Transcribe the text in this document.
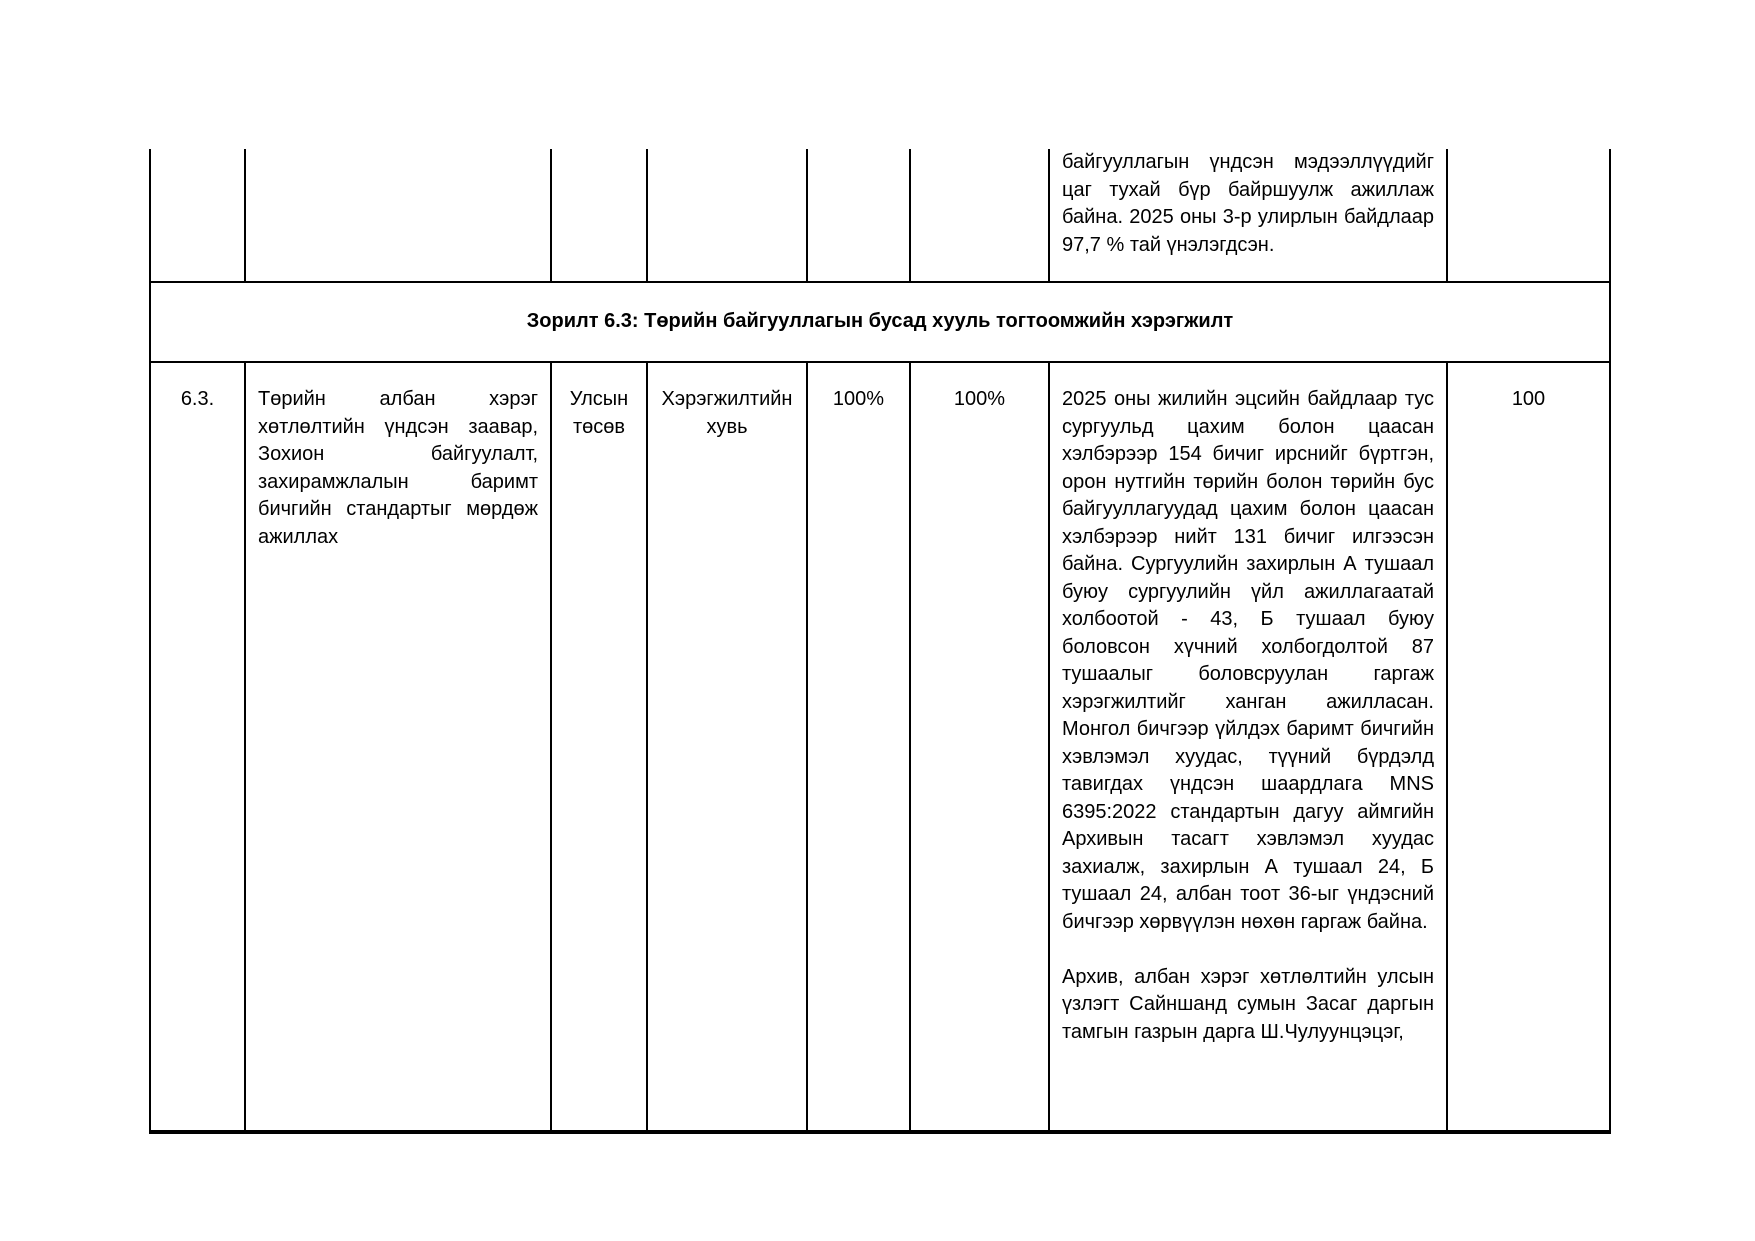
						байгууллагын үндсэн мэдээллүүдийг цаг тухай бүр байршуулж ажиллаж байна. 2025 оны 3-р улирлын байдлаар 97,7 % тай үнэлэгдсэн.	

Зорилт 6.3: Төрийн байгууллагын бусад хууль тогтоомжийн хэрэгжилт							

6.3.	Төрийн албан хэрэг хөтлөлтийн үндсэн заавар, Зохион байгуулалт, захирамжлалын баримт бичгийн стандартыг мөрдөж ажиллах	Улсын төсөв	Хэрэгжилтийн хувь	100%	100%	2025 оны жилийн эцсийн байдлаар тус сургуульд цахим болон цаасан хэлбэрээр 154 бичиг ирснийг бүртгэн, орон нутгийн төрийн болон төрийн бус байгууллагуудад цахим болон цаасан хэлбэрээр нийт 131 бичиг илгээсэн байна. Сургуулийн захирлын А тушаал буюу сургуулийн үйл ажиллагаатай холбоотой - 43, Б тушаал буюу боловсон хүчний холбогдолтой 87 тушаалыг боловсруулан гаргаж хэрэгжилтийг ханган ажилласан. Монгол бичгээр үйлдэх баримт бичгийн хэвлэмэл хуудас, түүний бүрдэлд тавигдах үндсэн шаардлага MNS 6395:2022 стандартын дагуу аймгийн Архивын тасагт хэвлэмэл хуудас захиалж, захирлын А тушаал 24, Б тушаал 24, албан тоот 36-ыг үндэсний бичгээр хөрвүүлэн нөхөн гаргаж байна.

Архив, албан хэрэг хөтлөлтийн улсын үзлэгт Сайншанд сумын Засаг даргын тамгын газрын дарга Ш.Чулуунцэцэг,	100
